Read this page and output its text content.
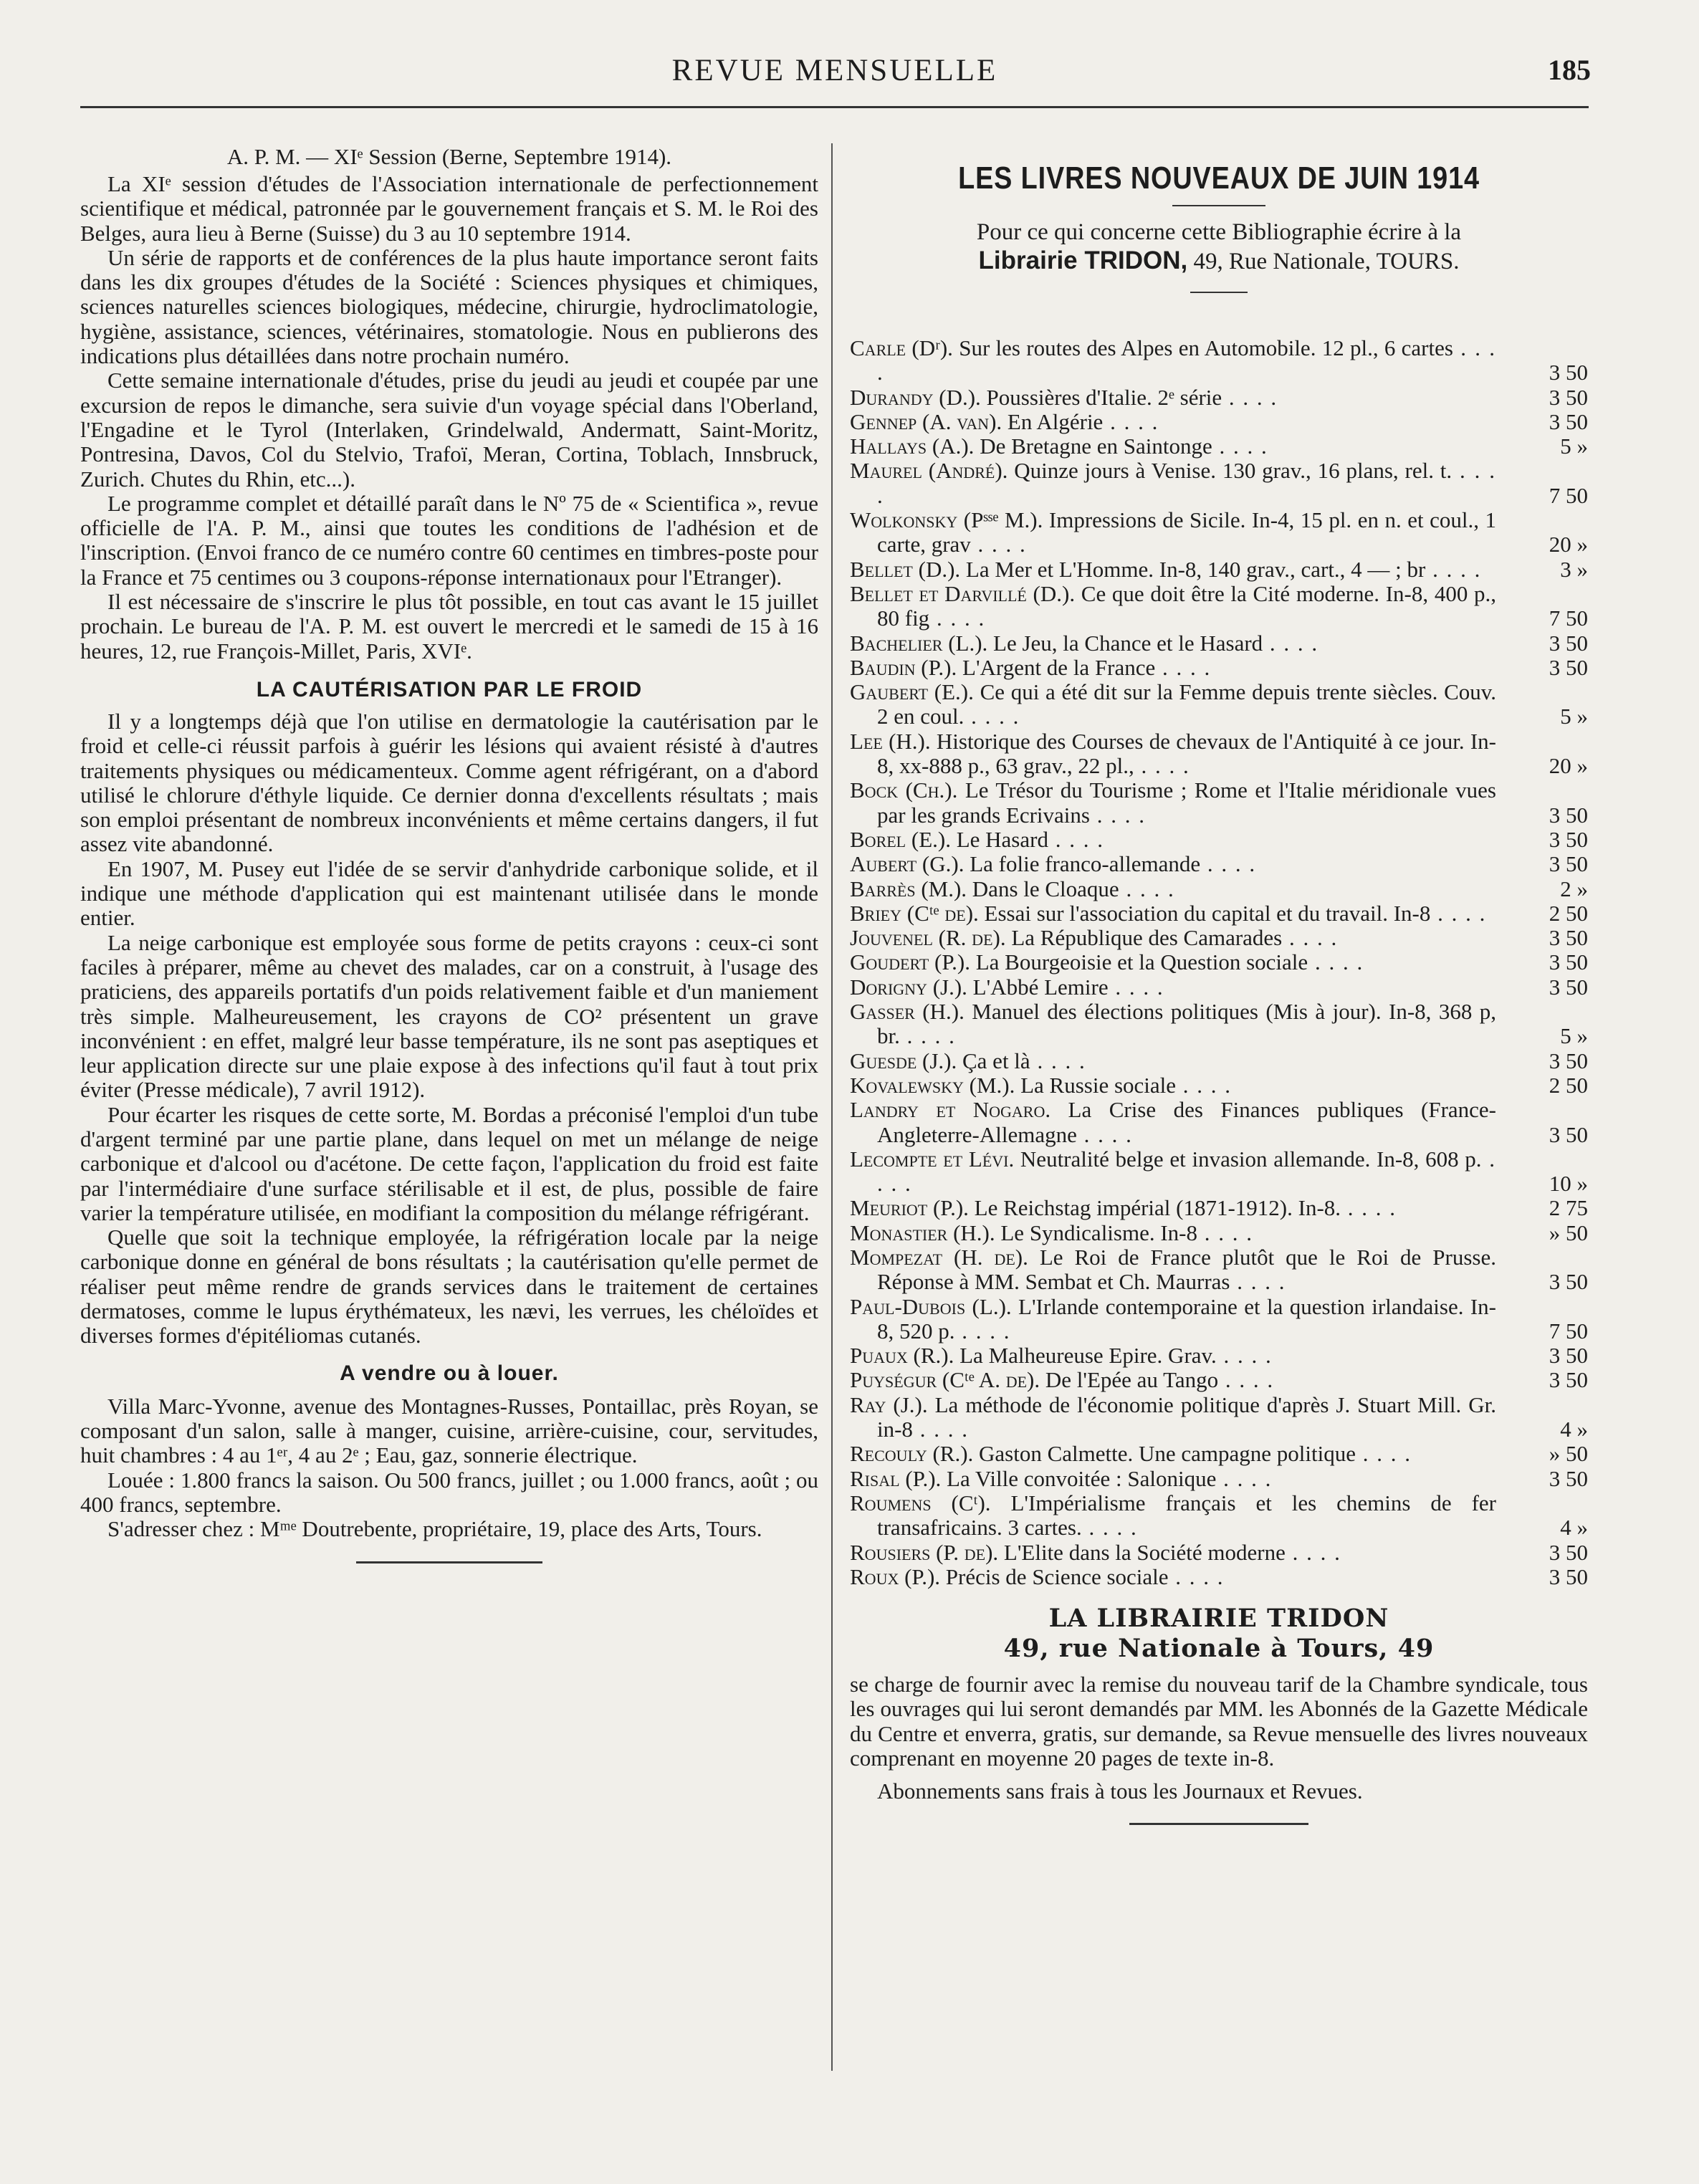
REVUE MENSUELLE	185
A. P. M. — XIᵉ Session (Berne, Septembre 1914).

La XIᵉ session d'études de l'Association internationale de perfectionnement scientifique et médical, patronnée par le gouvernement français et S. M. le Roi des Belges, aura lieu à Berne (Suisse) du 3 au 10 septembre 1914.

Un série de rapports et de conférences de la plus haute importance seront faits dans les dix groupes d'études de la Société : Sciences physiques et chimiques, sciences naturelles sciences biologiques, médecine, chirurgie, hydroclimatologie, hygiène, assistance, sciences, vétérinaires, stomatologie. Nous en publierons des indications plus détaillées dans notre prochain numéro.

Cette semaine internationale d'études, prise du jeudi au jeudi et coupée par une excursion de repos le dimanche, sera suivie d'un voyage spécial dans l'Oberland, l'Engadine et le Tyrol (Interlaken, Grindelwald, Andermatt, Saint-Moritz, Pontresina, Davos, Col du Stelvio, Trafoï, Meran, Cortina, Toblach, Innsbruck, Zurich. Chutes du Rhin, etc...).

Le programme complet et détaillé paraît dans le Nº 75 de « Scientifica », revue officielle de l'A. P. M., ainsi que toutes les conditions de l'adhésion et de l'inscription. (Envoi franco de ce numéro contre 60 centimes en timbres-poste pour la France et 75 centimes ou 3 coupons-réponse internationaux pour l'Etranger).

Il est nécessaire de s'inscrire le plus tôt possible, en tout cas avant le 15 juillet prochain. Le bureau de l'A. P. M. est ouvert le mercredi et le samedi de 15 à 16 heures, 12, rue François-Millet, Paris, XVIᵉ.

LA CAUTÉRISATION PAR LE FROID

Il y a longtemps déjà que l'on utilise en dermatologie la cautérisation par le froid et celle-ci réussit parfois à guérir les lésions qui avaient résisté à d'autres traitements physiques ou médicamenteux. Comme agent réfrigérant, on a d'abord utilisé le chlorure d'éthyle liquide. Ce dernier donna d'excellents résultats ; mais son emploi présentant de nombreux inconvénients et même certains dangers, il fut assez vite abandonné.

En 1907, M. Pusey eut l'idée de se servir d'anhydride carbonique solide, et il indique une méthode d'application qui est maintenant utilisée dans le monde entier.

La neige carbonique est employée sous forme de petits crayons : ceux-ci sont faciles à préparer, même au chevet des malades, car on a construit, à l'usage des praticiens, des appareils portatifs d'un poids relativement faible et d'un maniement très simple. Malheureusement, les crayons de CO² présentent un grave inconvénient : en effet, malgré leur basse température, ils ne sont pas aseptiques et leur application directe sur une plaie expose à des infections qu'il faut à tout prix éviter (Presse médicale), 7 avril 1912).

Pour écarter les risques de cette sorte, M. Bordas a préconisé l'emploi d'un tube d'argent terminé par une partie plane, dans lequel on met un mélange de neige carbonique et d'alcool ou d'acétone. De cette façon, l'application du froid est faite par l'intermédiaire d'une surface stérilisable et il est, de plus, possible de faire varier la température utilisée, en modifiant la composition du mélange réfrigérant.

Quelle que soit la technique employée, la réfrigération locale par la neige carbonique donne en général de bons résultats ; la cautérisation qu'elle permet de réaliser peut même rendre de grands services dans le traitement de certaines dermatoses, comme le lupus érythémateux, les nævi, les verrues, les chéloïdes et diverses formes d'épitéliomas cutanés.

A vendre ou à louer.

Villa Marc-Yvonne, avenue des Montagnes-Russes, Pontaillac, près Royan, se composant d'un salon, salle à manger, cuisine, arrière-cuisine, cour, servitudes, huit chambres : 4 au 1ᵉʳ, 4 au 2ᵉ ; Eau, gaz, sonnerie électrique.

Louée : 1.800 francs la saison. Ou 500 francs, juillet ; ou 1.000 francs, août ; ou 400 francs, septembre.

S'adresser chez : Mᵐᵉ Doutrebente, propriétaire, 19, place des Arts, Tours.

LES LIVRES NOUVEAUX DE JUIN 1914
Pour ce qui concerne cette Bibliographie écrire à la
Librairie TRIDON, 49, Rue Nationale, TOURS.
Carle (Dʳ). Sur les routes des Alpes en Automobile. 12 pl., 6 cartes . . . .	3 50
Durandy (D.). Poussières d'Italie. 2ᵉ série . . . .	3 50
Gennep (A. van). En Algérie . . . .	3 50
Hallays (A.). De Bretagne en Saintonge . . . .	5 »
Maurel (André). Quinze jours à Venise. 130 grav., 16 plans, rel. t. . . . .	7 50
Wolkonsky (Pˢˢᵉ M.). Impressions de Sicile. In-4, 15 pl. en n. et coul., 1 carte, grav . . . .	20 »
Bellet (D.). La Mer et L'Homme. In-8, 140 grav., cart., 4 — ; br . . . .	3 »
Bellet et Darvillé (D.). Ce que doit être la Cité moderne. In-8, 400 p., 80 fig . . . .	7 50
Bachelier (L.). Le Jeu, la Chance et le Hasard . . . .	3 50
Baudin (P.). L'Argent de la France . . . .	3 50
Gaubert (E.). Ce qui a été dit sur la Femme depuis trente siècles. Couv. 2 en coul. . . . .	5 »
Lee (H.). Historique des Courses de chevaux de l'Antiquité à ce jour. In-8, xx-888 p., 63 grav., 22 pl., . . . .	20 »
Bock (Ch.). Le Trésor du Tourisme ; Rome et l'Italie méridionale vues par les grands Ecrivains . . . .	3 50
Borel (E.). Le Hasard . . . .	3 50
Aubert (G.). La folie franco-allemande . . . .	3 50
Barrès (M.). Dans le Cloaque . . . .	2 »
Briey (Cᵗᵉ de). Essai sur l'association du capital et du travail. In-8 . . . .	2 50
Jouvenel (R. de). La République des Camarades . . . .	3 50
Goudert (P.). La Bourgeoisie et la Question sociale . . . .	3 50
Dorigny (J.). L'Abbé Lemire . . . .	3 50
Gasser (H.). Manuel des élections politiques (Mis à jour). In-8, 368 p, br. . . . .	5 »
Guesde (J.). Ça et là . . . .	3 50
Kovalewsky (M.). La Russie sociale . . . .	2 50
Landry et Nogaro. La Crise des Finances publiques (France-Angleterre-Allemagne . . . .	3 50
Lecompte et Lévi. Neutralité belge et invasion allemande. In-8, 608 p. . . . .	10 »
Meuriot (P.). Le Reichstag impérial (1871-1912). In-8. . . . .	2 75
Monastier (H.). Le Syndicalisme. In-8 . . . .	» 50
Mompezat (H. de). Le Roi de France plutôt que le Roi de Prusse. Réponse à MM. Sembat et Ch. Maurras . . . .	3 50
Paul-Dubois (L.). L'Irlande contemporaine et la question irlandaise. In-8, 520 p. . . . .	7 50
Puaux (R.). La Malheureuse Epire. Grav. . . . .	3 50
Puységur (Cᵗᵉ A. de). De l'Epée au Tango . . . .	3 50
Ray (J.). La méthode de l'économie politique d'après J. Stuart Mill. Gr. in-8 . . . .	4 »
Recouly (R.). Gaston Calmette. Une campagne politique . . . .	» 50
Risal (P.). La Ville convoitée : Salonique . . . .	3 50
Roumens (Cᵗ). L'Impérialisme français et les chemins de fer transafricains. 3 cartes. . . . .	4 »
Rousiers (P. de). L'Elite dans la Société moderne . . . .	3 50
Roux (P.). Précis de Science sociale . . . .	3 50
LA LIBRAIRIE TRIDON
49, rue Nationale à Tours, 49

se charge de fournir avec la remise du nouveau tarif de la Chambre syndicale, tous les ouvrages qui lui seront demandés par MM. les Abonnés de la Gazette Médicale du Centre et enverra, gratis, sur demande, sa Revue mensuelle des livres nouveaux comprenant en moyenne 20 pages de texte in-8.

Abonnements sans frais à tous les Journaux et Revues.
